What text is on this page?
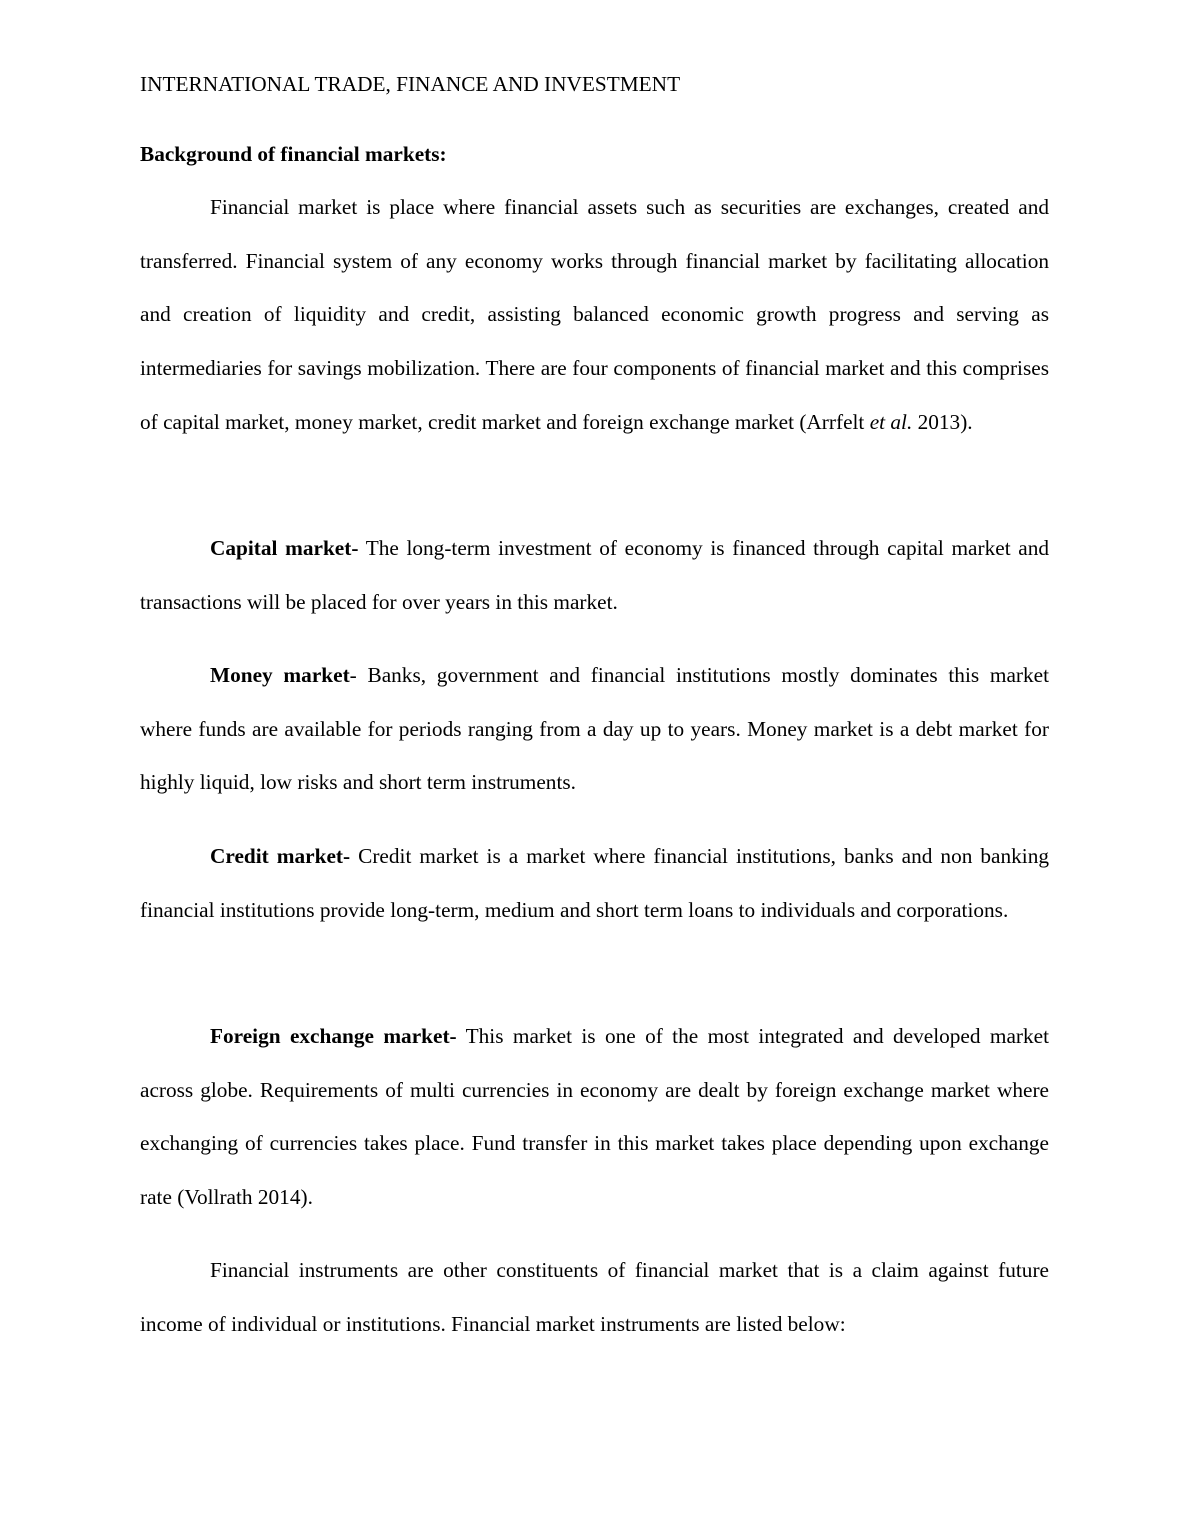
INTERNATIONAL TRADE, FINANCE AND INVESTMENT
Background of financial markets:

Financial market is place where financial assets such as securities are exchanges, created and transferred. Financial system of any economy works through financial market by facilitating allocation and creation of liquidity and credit, assisting balanced economic growth progress and serving as intermediaries for savings mobilization. There are four components of financial market and this comprises of capital market, money market, credit market and foreign exchange market (Arrfelt et al. 2013).

Capital market- The long-term investment of economy is financed through capital market and transactions will be placed for over years in this market.

Money market- Banks, government and financial institutions mostly dominates this market where funds are available for periods ranging from a day up to years. Money market is a debt market for highly liquid, low risks and short term instruments.

Credit market- Credit market is a market where financial institutions, banks and non banking financial institutions provide long-term, medium and short term loans to individuals and corporations.

Foreign exchange market- This market is one of the most integrated and developed market across globe. Requirements of multi currencies in economy are dealt by foreign exchange market where exchanging of currencies takes place. Fund transfer in this market takes place depending upon exchange rate (Vollrath 2014).

Financial instruments are other constituents of financial market that is a claim against future income of individual or institutions. Financial market instruments are listed below:
